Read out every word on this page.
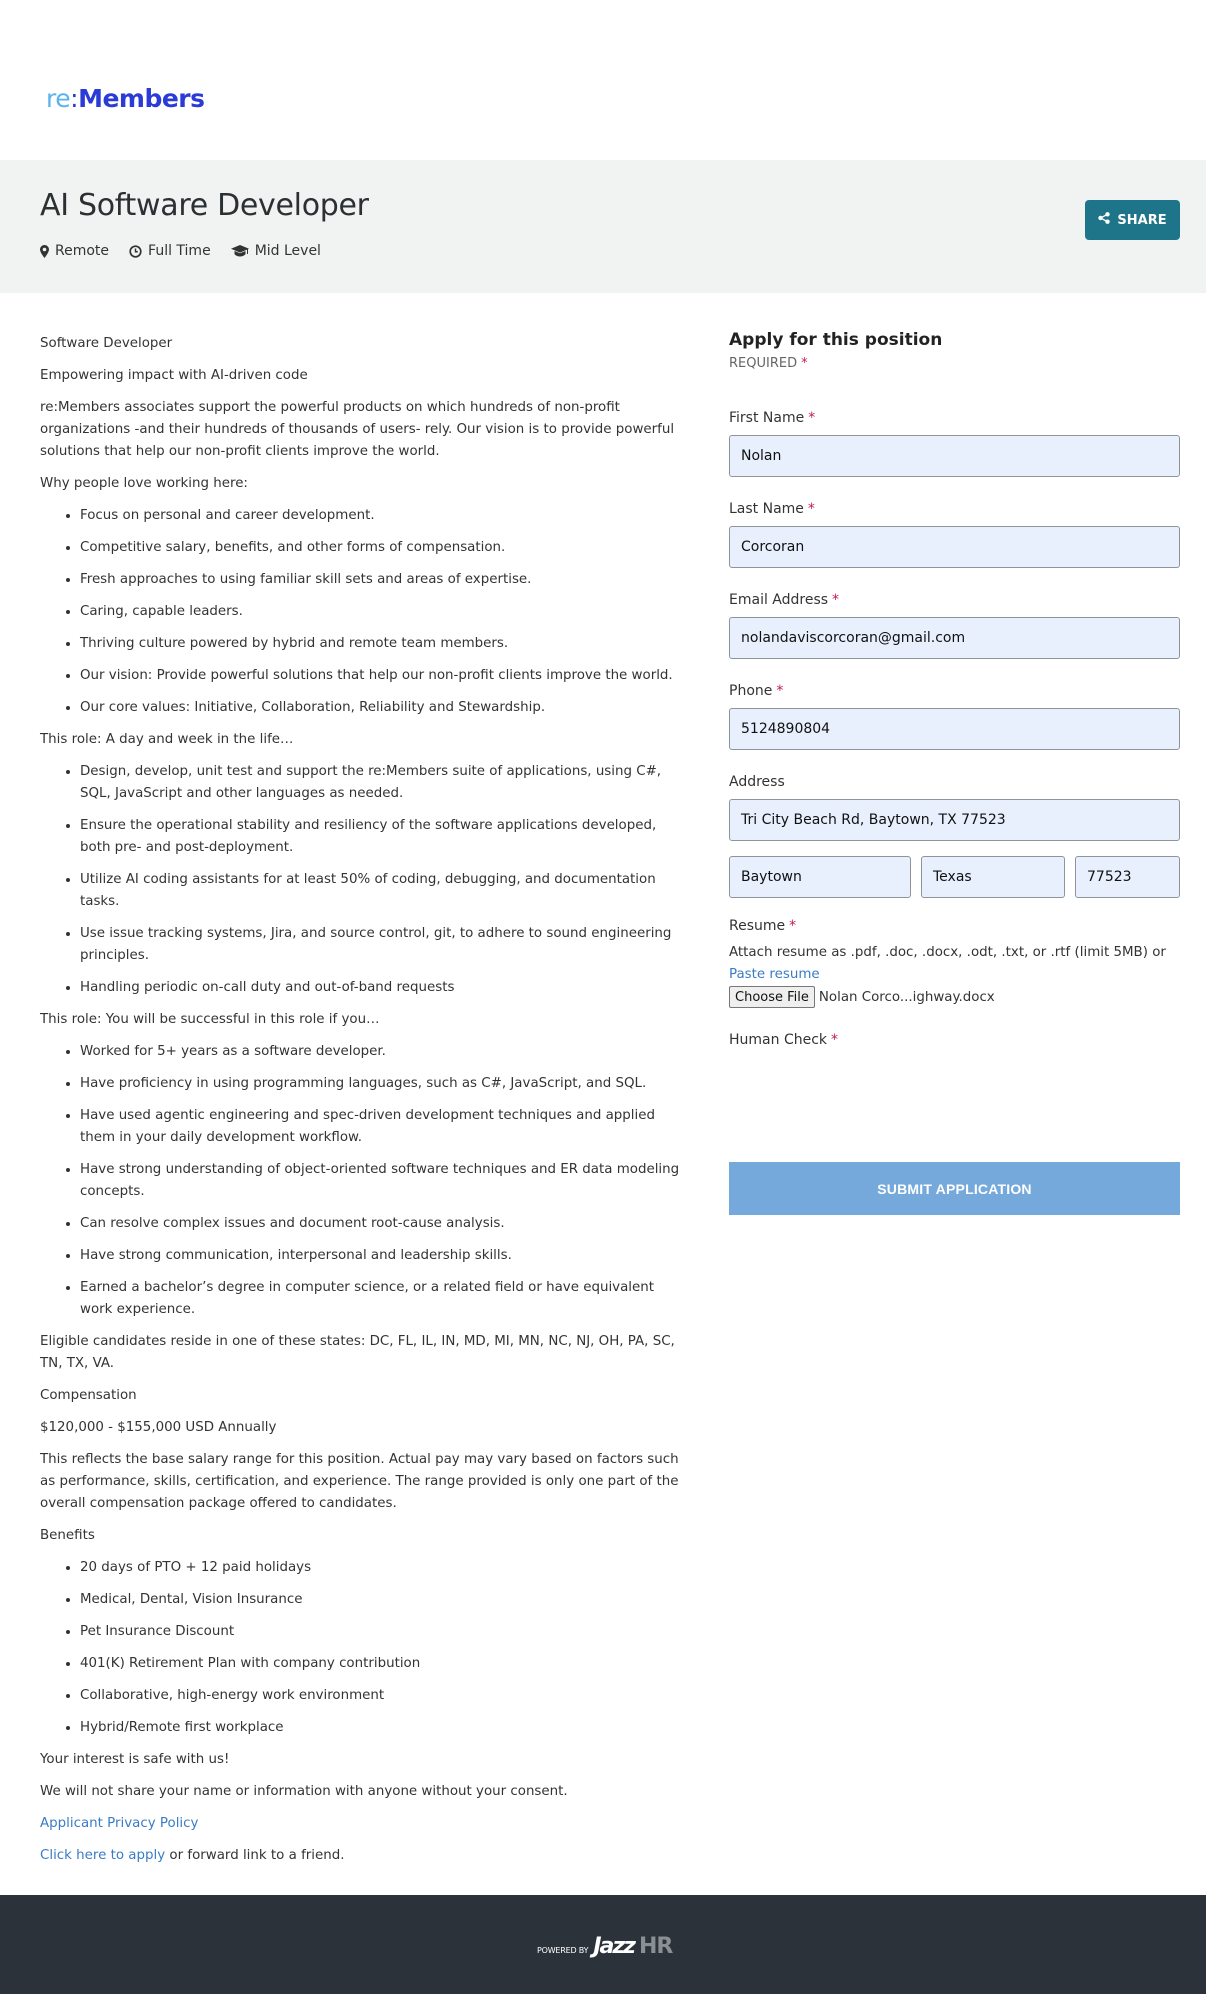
re:Members
AI Software Developer
Remote	Full Time	Mid Level
SHARE

Software Developer

Empowering impact with AI-driven code

re:Members associates support the powerful products on which hundreds of non-profit organizations -and their hundreds of thousands of users- rely. Our vision is to provide powerful solutions that help our non-profit clients improve the world.

Why people love working here:

• Focus on personal and career development.
• Competitive salary, benefits, and other forms of compensation.
• Fresh approaches to using familiar skill sets and areas of expertise.
• Caring, capable leaders.
• Thriving culture powered by hybrid and remote team members.
• Our vision: Provide powerful solutions that help our non-profit clients improve the world.
• Our core values: Initiative, Collaboration, Reliability and Stewardship.

This role: A day and week in the life…

• Design, develop, unit test and support the re:Members suite of applications, using C#, SQL, JavaScript and other languages as needed.
• Ensure the operational stability and resiliency of the software applications developed, both pre- and post-deployment.
• Utilize AI coding assistants for at least 50% of coding, debugging, and documentation tasks.
• Use issue tracking systems, Jira, and source control, git, to adhere to sound engineering principles.
• Handling periodic on-call duty and out-of-band requests

This role: You will be successful in this role if you…

• Worked for 5+ years as a software developer.
• Have proficiency in using programming languages, such as C#, JavaScript, and SQL.
• Have used agentic engineering and spec-driven development techniques and applied them in your daily development workflow.
• Have strong understanding of object-oriented software techniques and ER data modeling concepts.
• Can resolve complex issues and document root-cause analysis.
• Have strong communication, interpersonal and leadership skills.
• Earned a bachelor’s degree in computer science, or a related field or have equivalent work experience.

Eligible candidates reside in one of these states: DC, FL, IL, IN, MD, MI, MN, NC, NJ, OH, PA, SC, TN, TX, VA.

Compensation

$120,000 - $155,000 USD Annually

This reflects the base salary range for this position. Actual pay may vary based on factors such as performance, skills, certification, and experience. The range provided is only one part of the overall compensation package offered to candidates.

Benefits

• 20 days of PTO + 12 paid holidays
• Medical, Dental, Vision Insurance
• Pet Insurance Discount
• 401(K) Retirement Plan with company contribution
• Collaborative, high-energy work environment
• Hybrid/Remote first workplace

Your interest is safe with us!

We will not share your name or information with anyone without your consent.

Applicant Privacy Policy

Click here to apply or forward link to a friend.

Apply for this position
REQUIRED *
First Name *
Nolan
Last Name *
Corcoran
Email Address *
nolandaviscorcoran@gmail.com
Phone *
5124890804
Address
Tri City Beach Rd, Baytown, TX 77523
Baytown	Texas	77523
Resume *
Attach resume as .pdf, .doc, .docx, .odt, .txt, or .rtf (limit 5MB) or
Paste resume
Choose File Nolan Corco...ighway.docx
Human Check *
SUBMIT APPLICATION
POWERED BY Jazz HR
